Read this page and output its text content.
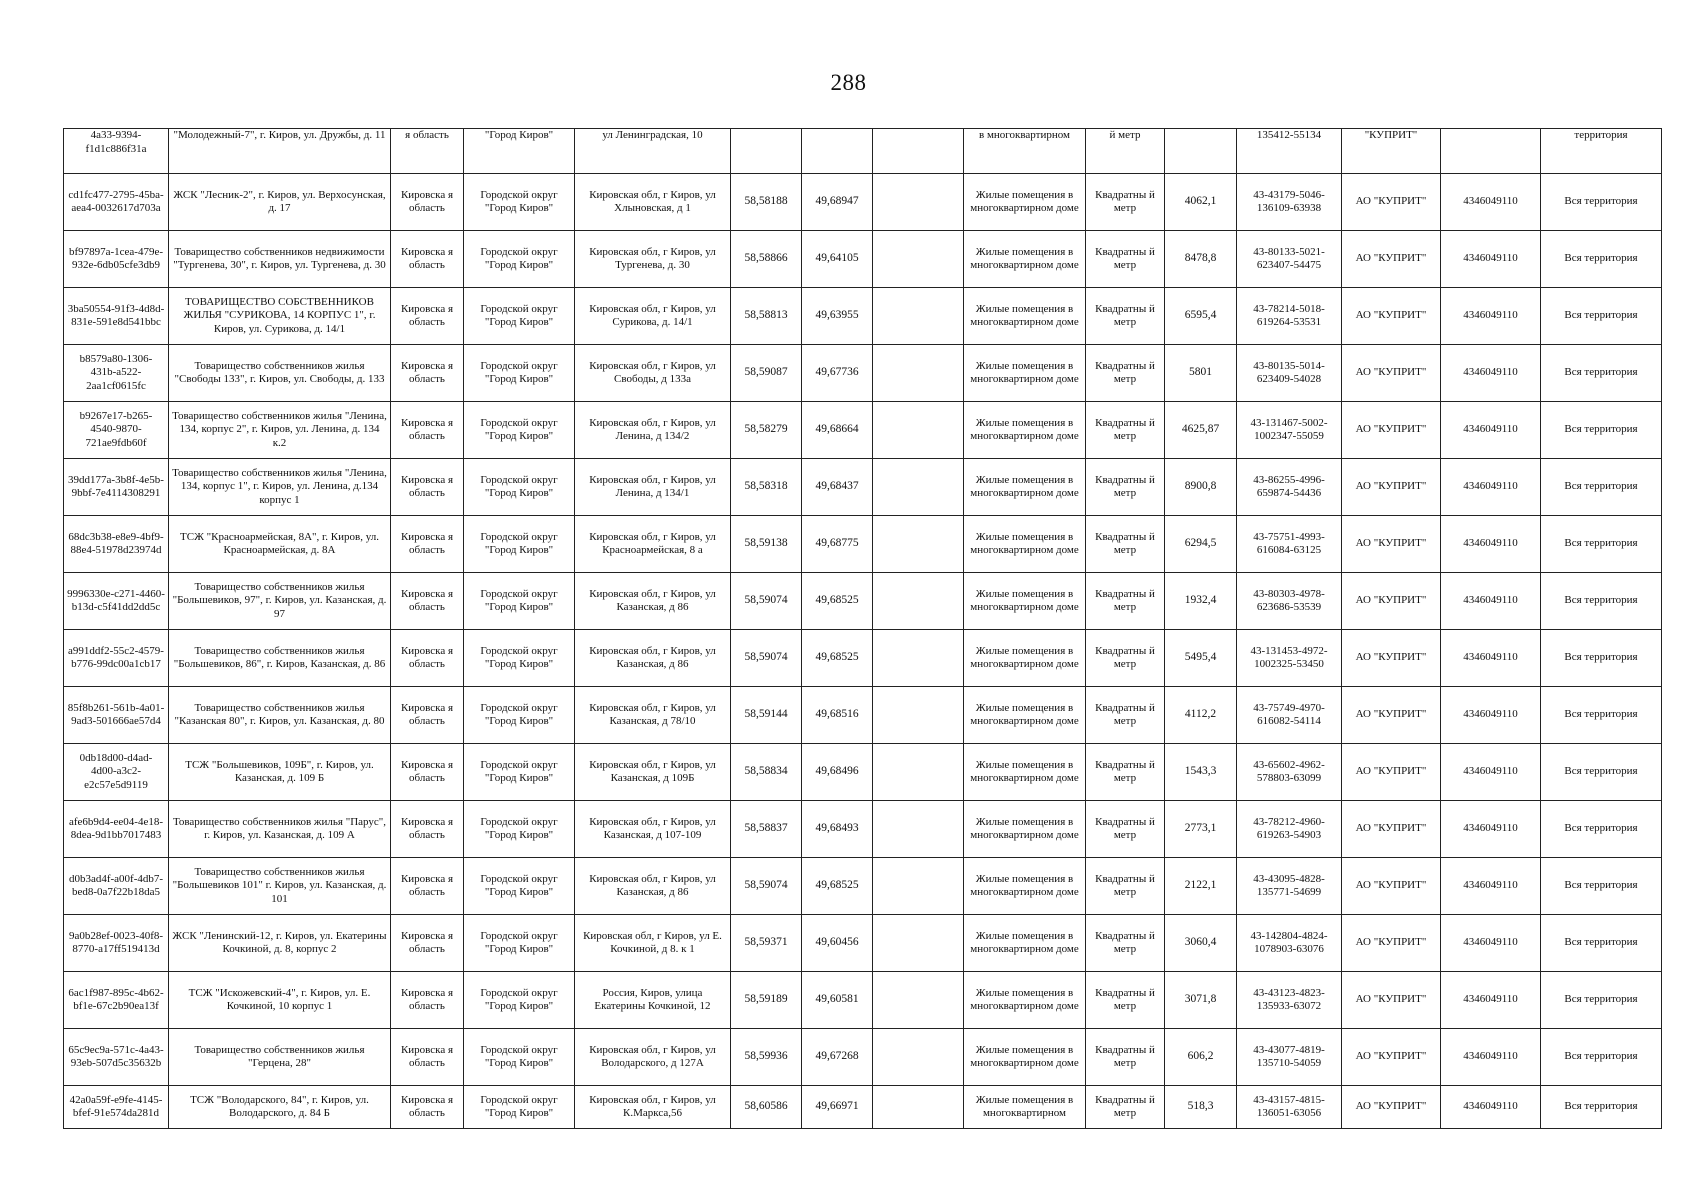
288
4a33-9394-f1d1c886f31a	"Молодежный-7", г. Киров, ул. Дружбы, д. 11	я область	"Город Киров"	ул Ленинградская, 10				в многоквартирном	й метр		135412-55134	"КУПРИТ"		территория
cd1fc477-2795-45ba-aea4-0032617d703a	ЖСК "Лесник-2", г. Киров, ул. Верхосунская, д. 17	Кировска я область	Городской округ "Город Киров"	Кировская обл, г Киров, ул Хлыновская, д 1	58,58188	49,68947		Жилые помещения в многоквартирном доме	Квадратны й метр	4062,1	43-43179-5046-136109-63938	АО "КУПРИТ"	4346049110	Вся территория
bf97897a-1cea-479e-932e-6db05cfe3db9	Товарищество собственников недвижимости "Тургенева, 30", г. Киров, ул. Тургенева, д. 30	Кировска я область	Городской округ "Город Киров"	Кировская обл, г Киров, ул Тургенева, д. 30	58,58866	49,64105		Жилые помещения в многоквартирном доме	Квадратны й метр	8478,8	43-80133-5021-623407-54475	АО "КУПРИТ"	4346049110	Вся территория
3ba50554-91f3-4d8d-831e-591e8d541bbc	ТОВАРИЩЕСТВО СОБСТВЕННИКОВ ЖИЛЬЯ "СУРИКОВА, 14 КОРПУС 1", г. Киров, ул. Сурикова, д. 14/1	Кировска я область	Городской округ "Город Киров"	Кировская обл, г Киров, ул Сурикова, д. 14/1	58,58813	49,63955		Жилые помещения в многоквартирном доме	Квадратны й метр	6595,4	43-78214-5018-619264-53531	АО "КУПРИТ"	4346049110	Вся территория
b8579a80-1306-431b-a522-2aa1cf0615fc	Товарищество собственников жилья "Свободы 133", г. Киров, ул. Свободы, д. 133	Кировска я область	Городской округ "Город Киров"	Кировская обл, г Киров, ул Свободы, д 133а	58,59087	49,67736		Жилые помещения в многоквартирном доме	Квадратны й метр	5801	43-80135-5014-623409-54028	АО "КУПРИТ"	4346049110	Вся территория
b9267e17-b265-4540-9870-721ae9fdb60f	Товарищество собственников жилья "Ленина, 134, корпус 2", г. Киров, ул. Ленина, д. 134 к.2	Кировска я область	Городской округ "Город Киров"	Кировская обл, г Киров, ул Ленина, д 134/2	58,58279	49,68664		Жилые помещения в многоквартирном доме	Квадратны й метр	4625,87	43-131467-5002-1002347-55059	АО "КУПРИТ"	4346049110	Вся территория
39dd177a-3b8f-4e5b-9bbf-7e4114308291	Товарищество собственников жилья "Ленина, 134, корпус 1", г. Киров, ул. Ленина, д.134 корпус 1	Кировска я область	Городской округ "Город Киров"	Кировская обл, г Киров, ул Ленина, д 134/1	58,58318	49,68437		Жилые помещения в многоквартирном доме	Квадратны й метр	8900,8	43-86255-4996-659874-54436	АО "КУПРИТ"	4346049110	Вся территория
68dc3b38-e8e9-4bf9-88e4-51978d23974d	ТСЖ "Красноармейская, 8А", г. Киров, ул. Красноармейская, д. 8А	Кировска я область	Городской округ "Город Киров"	Кировская обл, г Киров, ул Красноармейская, 8 а	58,59138	49,68775		Жилые помещения в многоквартирном доме	Квадратны й метр	6294,5	43-75751-4993-616084-63125	АО "КУПРИТ"	4346049110	Вся территория
9996330e-c271-4460-b13d-c5f41dd2dd5c	Товарищество собственников жилья "Большевиков, 97", г. Киров, ул. Казанская, д. 97	Кировска я область	Городской округ "Город Киров"	Кировская обл, г Киров, ул Казанская, д 86	58,59074	49,68525		Жилые помещения в многоквартирном доме	Квадратны й метр	1932,4	43-80303-4978-623686-53539	АО "КУПРИТ"	4346049110	Вся территория
a991ddf2-55c2-4579-b776-99dc00a1cb17	Товарищество собственников жилья "Большевиков, 86", г. Киров, Казанская, д. 86	Кировска я область	Городской округ "Город Киров"	Кировская обл, г Киров, ул Казанская, д 86	58,59074	49,68525		Жилые помещения в многоквартирном доме	Квадратны й метр	5495,4	43-131453-4972-1002325-53450	АО "КУПРИТ"	4346049110	Вся территория
85f8b261-561b-4a01-9ad3-501666ae57d4	Товарищество собственников жилья "Казанская 80", г. Киров, ул. Казанская, д. 80	Кировска я область	Городской округ "Город Киров"	Кировская обл, г Киров, ул Казанская, д 78/10	58,59144	49,68516		Жилые помещения в многоквартирном доме	Квадратны й метр	4112,2	43-75749-4970-616082-54114	АО "КУПРИТ"	4346049110	Вся территория
0db18d00-d4ad-4d00-a3c2-e2c57e5d9119	ТСЖ "Большевиков, 109Б", г. Киров, ул. Казанская, д. 109 Б	Кировска я область	Городской округ "Город Киров"	Кировская обл, г Киров, ул Казанская, д 109Б	58,58834	49,68496		Жилые помещения в многоквартирном доме	Квадратны й метр	1543,3	43-65602-4962-578803-63099	АО "КУПРИТ"	4346049110	Вся территория
afe6b9d4-ee04-4e18-8dea-9d1bb7017483	Товарищество собственников жилья "Парус", г. Киров, ул. Казанская, д. 109 А	Кировска я область	Городской округ "Город Киров"	Кировская обл, г Киров, ул Казанская, д 107-109	58,58837	49,68493		Жилые помещения в многоквартирном доме	Квадратны й метр	2773,1	43-78212-4960-619263-54903	АО "КУПРИТ"	4346049110	Вся территория
d0b3ad4f-a00f-4db7-bed8-0a7f22b18da5	Товарищество собственников жилья "Большевиков 101" г. Киров, ул. Казанская, д. 101	Кировска я область	Городской округ "Город Киров"	Кировская обл, г Киров, ул Казанская, д 86	58,59074	49,68525		Жилые помещения в многоквартирном доме	Квадратны й метр	2122,1	43-43095-4828-135771-54699	АО "КУПРИТ"	4346049110	Вся территория
9a0b28ef-0023-40f8-8770-a17ff519413d	ЖСК "Ленинский-12, г. Киров, ул. Екатерины Кочкиной, д. 8, корпус 2	Кировска я область	Городской округ "Город Киров"	Кировская обл, г Киров, ул Е. Кочкиной, д 8. к 1	58,59371	49,60456		Жилые помещения в многоквартирном доме	Квадратны й метр	3060,4	43-142804-4824-1078903-63076	АО "КУПРИТ"	4346049110	Вся территория
6ac1f987-895c-4b62-bf1e-67c2b90ea13f	ТСЖ "Искожевский-4", г. Киров, ул. Е. Кочкиной, 10 корпус 1	Кировска я область	Городской округ "Город Киров"	Россия, Киров, улица Екатерины Кочкиной, 12	58,59189	49,60581		Жилые помещения в многоквартирном доме	Квадратны й метр	3071,8	43-43123-4823-135933-63072	АО "КУПРИТ"	4346049110	Вся территория
65c9ec9a-571c-4a43-93eb-507d5c35632b	Товарищество собственников жилья "Герцена, 28"	Кировска я область	Городской округ "Город Киров"	Кировская обл, г Киров, ул Володарского, д 127А	58,59936	49,67268		Жилые помещения в многоквартирном доме	Квадратны й метр	606,2	43-43077-4819-135710-54059	АО "КУПРИТ"	4346049110	Вся территория
42a0a59f-e9fe-4145-bfef-91e574da281d	ТСЖ "Володарского, 84", г. Киров, ул. Володарского, д. 84 Б	Кировска я область	Городской округ "Город Киров"	Кировская обл, г Киров, ул К.Маркса,56	58,60586	49,66971		Жилые помещения в многоквартирном	Квадратны й метр	518,3	43-43157-4815-136051-63056	АО "КУПРИТ"	4346049110	Вся территория
